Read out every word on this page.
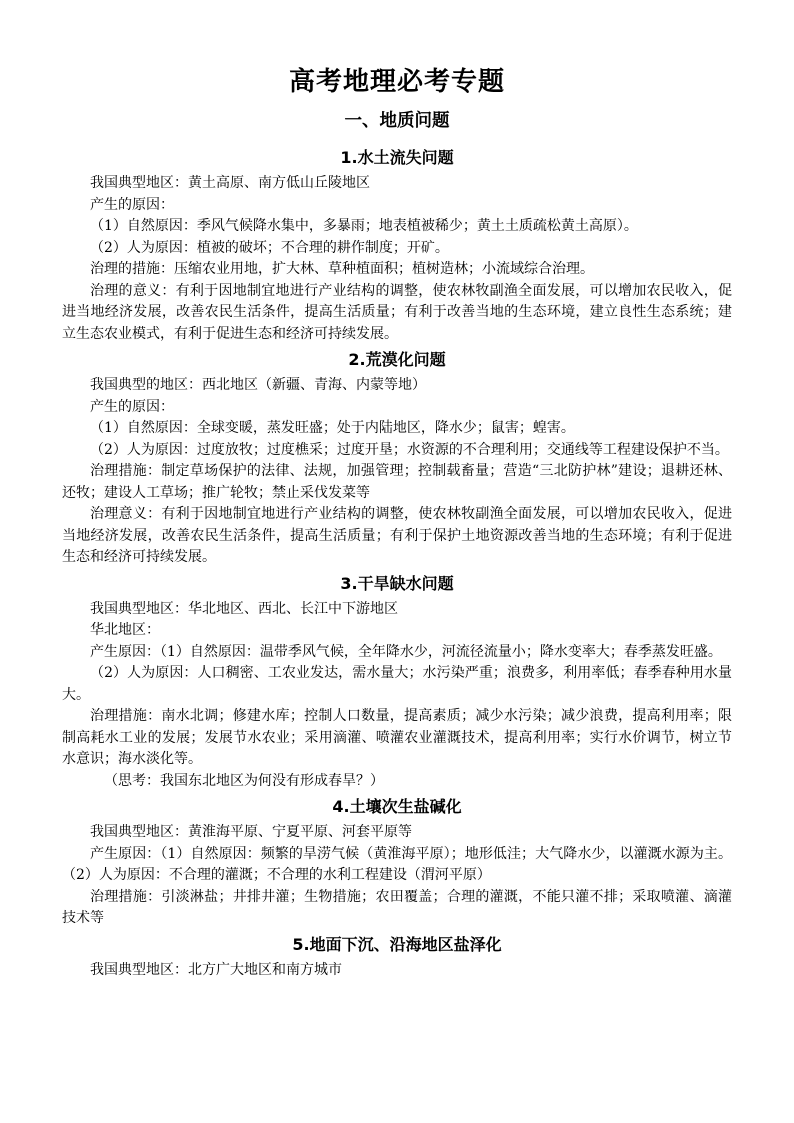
高考地理必考专题
一、地质问题
1.水土流失问题

我国典型地区：黄土高原、南方低山丘陵地区

产生的原因：

（1）自然原因：季风气候降水集中，多暴雨；地表植被稀少；黄土土质疏松黄土高原）。

（2）人为原因：植被的破坏；不合理的耕作制度；开矿。

治理的措施：压缩农业用地，扩大林、草种植面积；植树造林；小流域综合治理。

治理的意义：有利于因地制宜地进行产业结构的调整，使农林牧副渔全面发展，可以增加农民收入，促进当地经济发展，改善农民生活条件，提高生活质量；有利于改善当地的生态环境，建立良性生态系统；建立生态农业模式，有利于促进生态和经济可持续发展。

2.荒漠化问题

我国典型的地区：西北地区（新疆、青海、内蒙等地）

产生的原因：

（1）自然原因：全球变暖，蒸发旺盛；处于内陆地区，降水少；鼠害；蝗害。

（2）人为原因：过度放牧；过度樵采；过度开垦；水资源的不合理利用；交通线等工程建设保护不当。

治理措施：制定草场保护的法律、法规，加强管理；控制载畜量；营造“三北防护林”建设；退耕还林、还牧；建设人工草场；推广轮牧；禁止采伐发菜等

治理意义：有利于因地制宜地进行产业结构的调整，使农林牧副渔全面发展，可以增加农民收入，促进当地经济发展，改善农民生活条件，提高生活质量；有利于保护土地资源改善当地的生态环境；有利于促进生态和经济可持续发展。

3.干旱缺水问题

我国典型地区：华北地区、西北、长江中下游地区

华北地区：

产生原因：（1）自然原因：温带季风气候，全年降水少，河流径流量小；降水变率大；春季蒸发旺盛。

（2）人为原因：人口稠密、工农业发达，需水量大；水污染严重；浪费多，利用率低；春季春种用水量大。

治理措施：南水北调；修建水库；控制人口数量，提高素质；减少水污染；减少浪费，提高利用率；限制高耗水工业的发展；发展节水农业；采用滴灌、喷灌农业灌溉技术，提高利用率；实行水价调节，树立节水意识；海水淡化等。

（思考：我国东北地区为何没有形成春旱？）

4.土壤次生盐碱化

我国典型地区：黄淮海平原、宁夏平原、河套平原等

产生原因：（1）自然原因：频繁的旱涝气候（黄淮海平原）；地形低洼；大气降水少，以灌溉水源为主。（2）人为原因：不合理的灌溉；不合理的水利工程建设（渭河平原）

治理措施：引淡淋盐；井排井灌；生物措施；农田覆盖；合理的灌溉，不能只灌不排；采取喷灌、滴灌技术等

5.地面下沉、沿海地区盐泽化

我国典型地区：北方广大地区和南方城市
